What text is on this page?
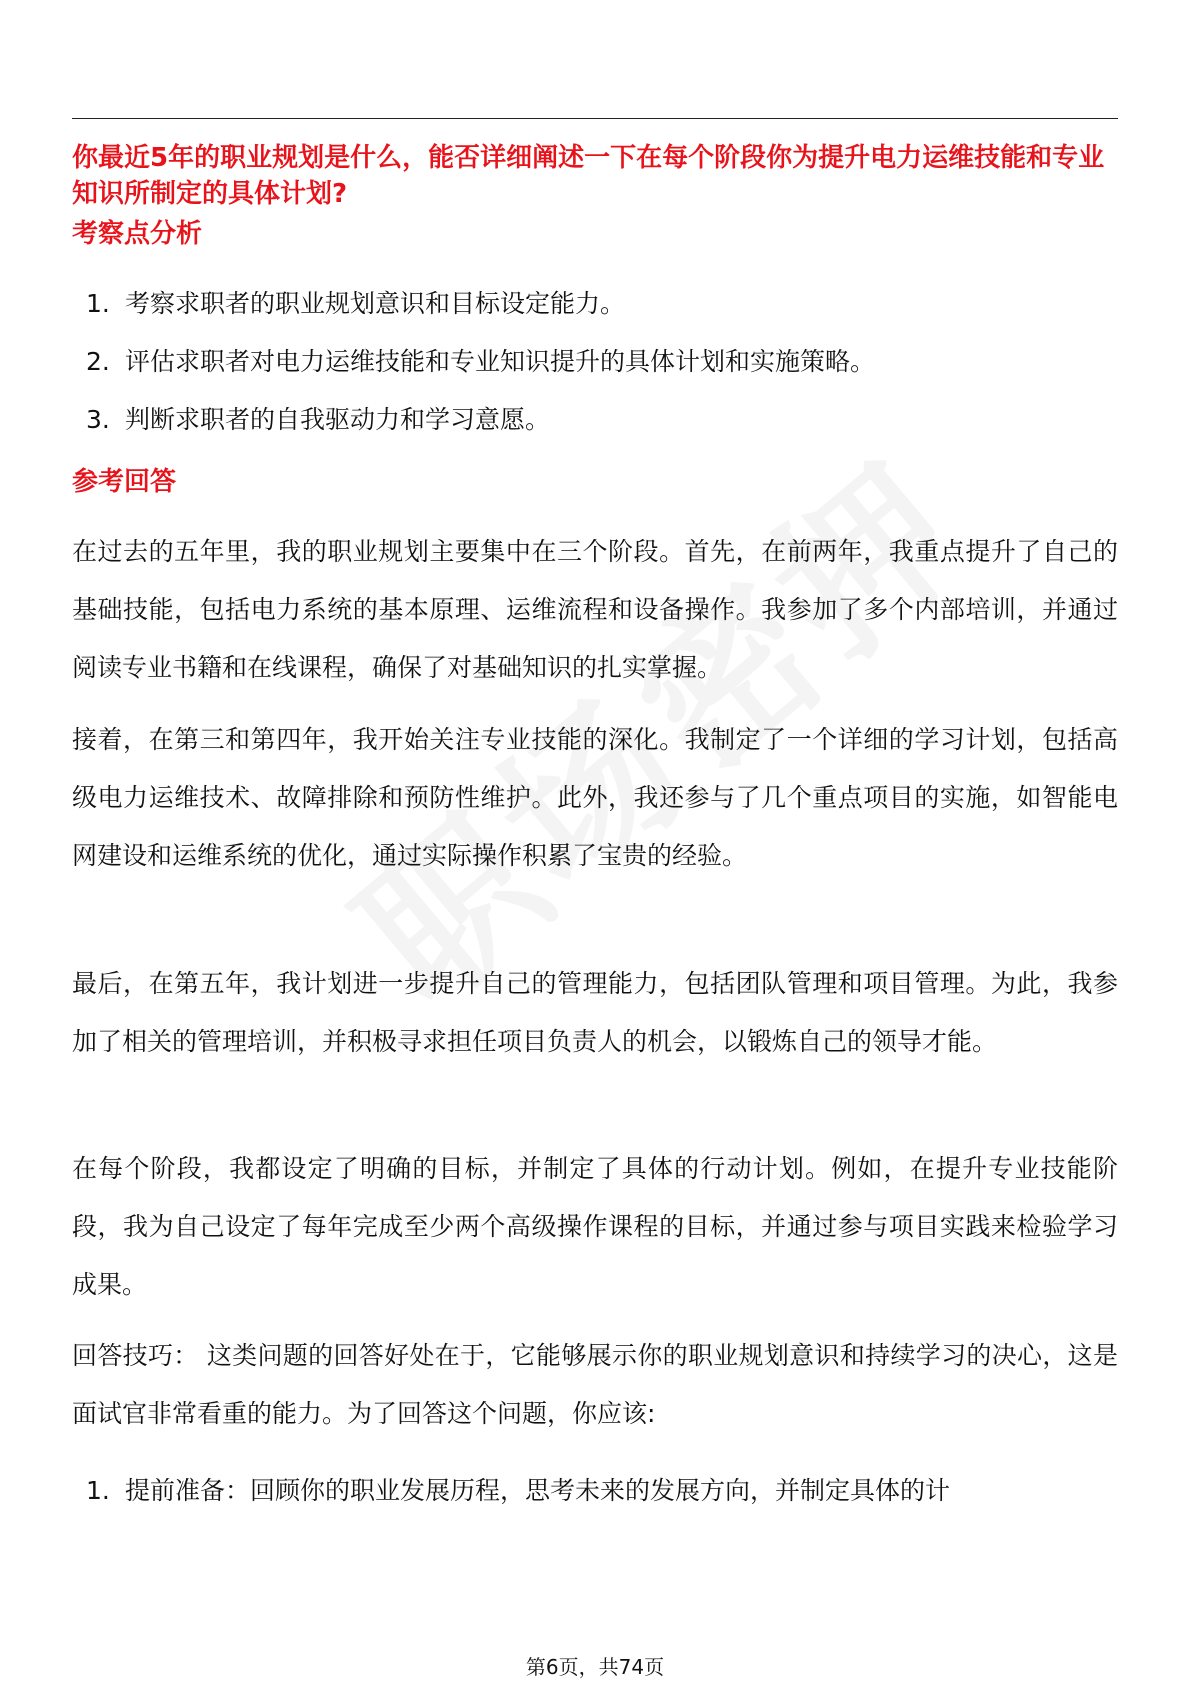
你最近5年的职业规划是什么，能否详细阐述一下在每个阶段你为提升电力运维技能和专业知识所制定的具体计划?
考察点分析
1. 考察求职者的职业规划意识和目标设定能力。
2. 评估求职者对电力运维技能和专业知识提升的具体计划和实施策略。
3. 判断求职者的自我驱动力和学习意愿。
参考回答

在过去的五年里，我的职业规划主要集中在三个阶段。首先，在前两年，我重点提升了自己的基础技能，包括电力系统的基本原理、运维流程和设备操作。我参加了多个内部培训，并通过阅读专业书籍和在线课程，确保了对基础知识的扎实掌握。

接着，在第三和第四年，我开始关注专业技能的深化。我制定了一个详细的学习计划，包括高级电力运维技术、故障排除和预防性维护。此外，我还参与了几个重点项目的实施，如智能电网建设和运维系统的优化，通过实际操作积累了宝贵的经验。

最后，在第五年，我计划进一步提升自己的管理能力，包括团队管理和项目管理。为此，我参加了相关的管理培训，并积极寻求担任项目负责人的机会，以锻炼自己的领导才能。

在每个阶段，我都设定了明确的目标，并制定了具体的行动计划。例如，在提升专业技能阶段，我为自己设定了每年完成至少两个高级操作课程的目标，并通过参与项目实践来检验学习成果。

回答技巧： 这类问题的回答好处在于，它能够展示你的职业规划意识和持续学习的决心，这是面试官非常看重的能力。为了回答这个问题，你应该:

1. 提前准备：回顾你的职业发展历程，思考未来的发展方向，并制定具体的计
第6页，共74页
